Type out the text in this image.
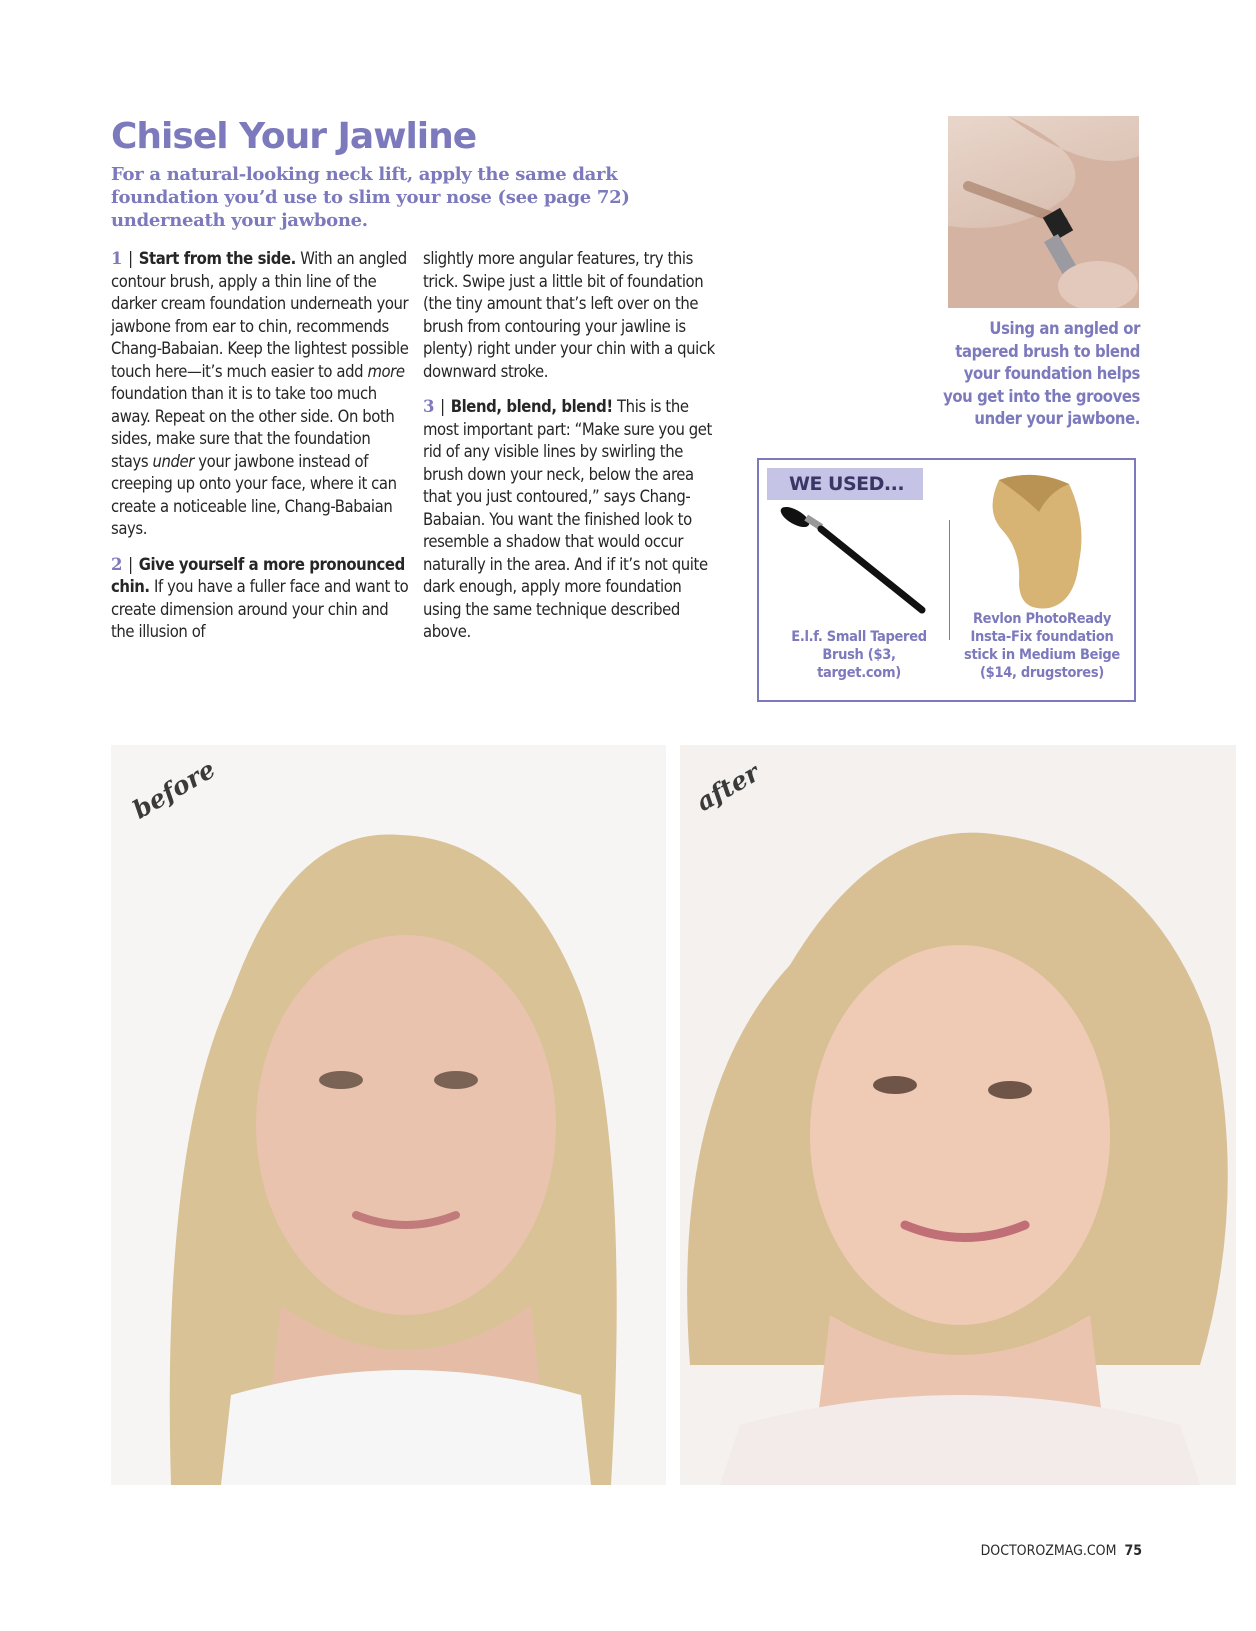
Chisel Your Jawline

For a natural-looking neck lift, apply the same dark foundation you’d use to slim your nose (see page 72) underneath your jawbone.

1 | Start from the side. With an angled contour brush, apply a thin line of the darker cream foundation underneath your jawbone from ear to chin, recommends Chang-Babaian. Keep the lightest possible touch here—it’s much easier to add more foundation than it is to take too much away. Repeat on the other side. On both sides, make sure that the foundation stays under your jawbone instead of creeping up onto your face, where it can create a noticeable line, Chang-Babaian says.

2 | Give yourself a more pronounced chin. If you have a fuller face and want to create dimension around your chin and the illusion of

slightly more angular features, try this trick. Swipe just a little bit of foundation (the tiny amount that’s left over on the brush from contouring your jawline is plenty) right under your chin with a quick downward stroke.

3 | Blend, blend, blend! This is the most important part: “Make sure you get rid of any visible lines by swirling the brush down your neck, below the area that you just contoured,” says Chang-Babaian. You want the finished look to resemble a shadow that would occur naturally in the area. And if it’s not quite dark enough, apply more foundation using the same technique described above.

Using an angled or tapered brush to blend your foundation helps you get into the grooves under your jawbone.
WE USED...
E.l.f. Small Tapered Brush ($3, target.com)
Revlon PhotoReady Insta-Fix foundation stick in Medium Beige ($14, drugstores)
before	after
DOCTOROZMAG.COM 75
